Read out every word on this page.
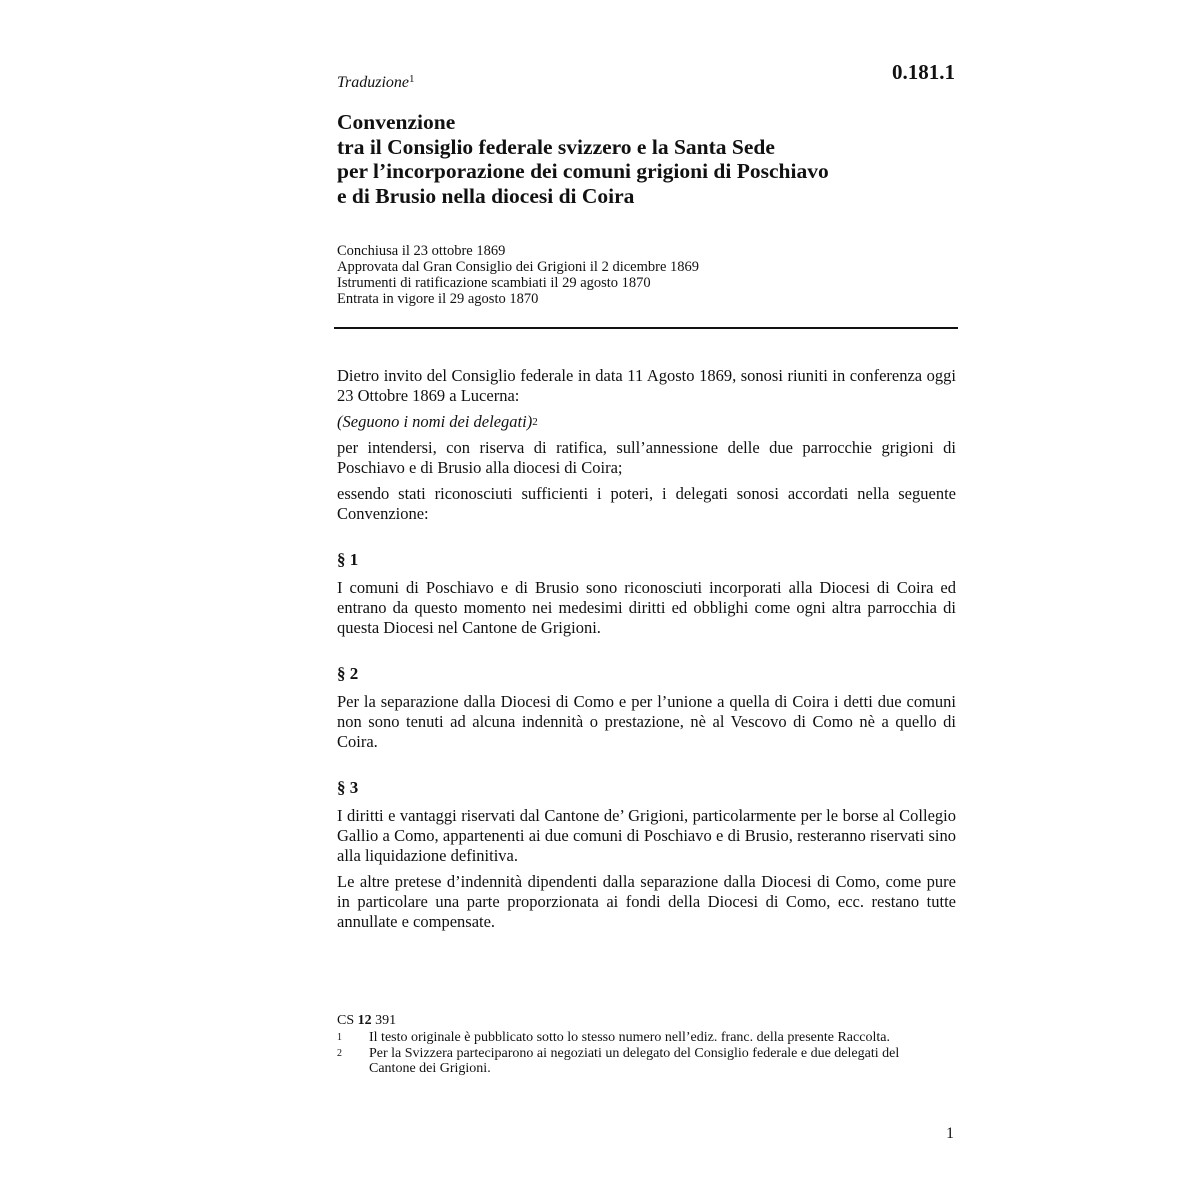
0.181.1
Traduzione$^1$
Convenzione
tra il Consiglio federale svizzero e la Santa Sede
per l’incorporazione dei comuni grigioni di Poschiavo
e di Brusio nella diocesi di Coira
Conchiusa il 23 ottobre 1869
Approvata dal Gran Consiglio dei Grigioni il 2 dicembre 1869
Istrumenti di ratificazione scambiati il 29 agosto 1870
Entrata in vigore il 29 agosto 1870

Dietro invito del Consiglio federale in data 11 Agosto 1869, sonosi riuniti in conferenza oggi 23 Ottobre 1869 a Lucerna:

(Seguono i nomi dei delegati)$^2$

per intendersi, con riserva di ratifica, sull’annessione delle due parrocchie grigioni di Poschiavo e di Brusio alla diocesi di Coira;

essendo stati riconosciuti sufficienti i poteri, i delegati sonosi accordati nella seguente Convenzione:

§ 1

I comuni di Poschiavo e di Brusio sono riconosciuti incorporati alla Diocesi di Coira ed entrano da questo momento nei medesimi diritti ed obblighi come ogni altra parrocchia di questa Diocesi nel Cantone de Grigioni.

§ 2

Per la separazione dalla Diocesi di Como e per l’unione a quella di Coira i detti due comuni non sono tenuti ad alcuna indennità o prestazione, nè al Vescovo di Como nè a quello di Coira.

§ 3

I diritti e vantaggi riservati dal Cantone de’ Grigioni, particolarmente per le borse al Collegio Gallio a Como, appartenenti ai due comuni di Poschiavo e di Brusio, resteranno riservati sino alla liquidazione definitiva.

Le altre pretese d’indennità dipendenti dalla separazione dalla Diocesi di Como, come pure in particolare una parte proporzionata ai fondi della Diocesi di Como, ecc. restano tutte annullate e compensate.

CS 12 391
1	Il testo originale è pubblicato sotto lo stesso numero nell’ediz. franc. della presente Raccolta.
2	Per la Svizzera parteciparono ai negoziati un delegato del Consiglio federale e due delegati del Cantone dei Grigioni.
1
